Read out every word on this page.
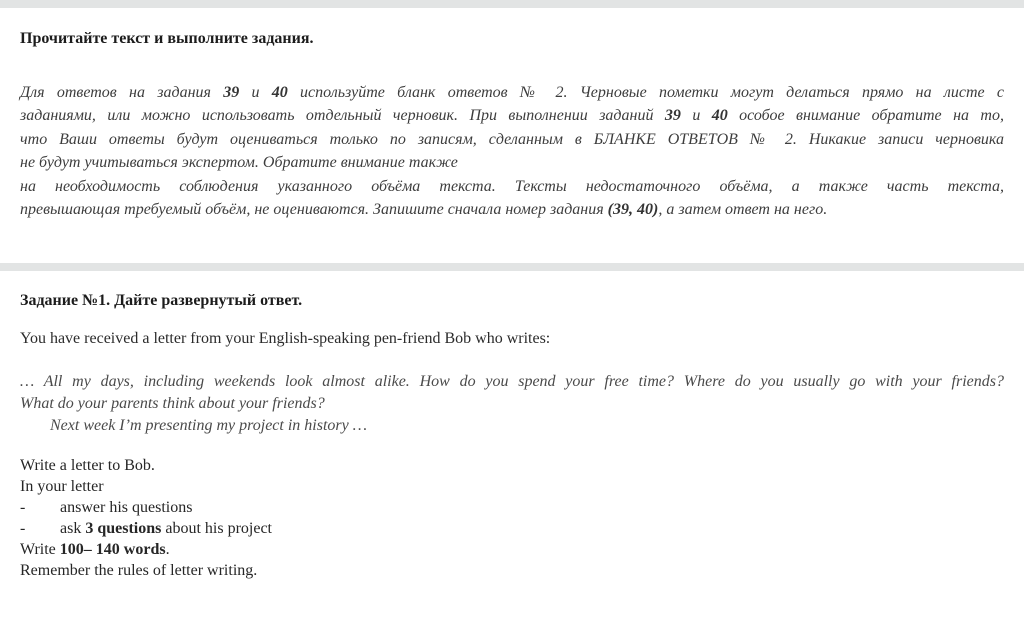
Прочитайте текст и выполните задания.

Для ответов на задания 39 и 40 используйте бланк ответов № 2. Черновые пометки могут делаться прямо на листе с
заданиями, или можно использовать отдельный черновик. При выполнении заданий 39 и 40 особое внимание обратите на то,
что Ваши ответы будут оцениваться только по записям, сделанным в БЛАНКЕ ОТВЕТОВ № 2. Никакие записи черновика
не будут учитываться экспертом. Обратите внимание также
на необходимость соблюдения указанного объёма текста. Тексты недостаточного объёма, а также часть текста,
превышающая требуемый объём, не оцениваются. Запишите сначала номер задания (39, 40), а затем ответ на него.

Задание №1. Дайте развернутый ответ.

You have received a letter from your English-speaking pen-friend Bob who writes:

… All my days, including weekends look almost alike. How do you spend your free time? Where do you usually go with your friends?
What do your parents think about your friends?
Next week I’m presenting my project in history …
Write a letter to Bob.
In your letter
- answer his questions
- ask 3 questions about his project
Write 100– 140 words.
Remember the rules of letter writing.
